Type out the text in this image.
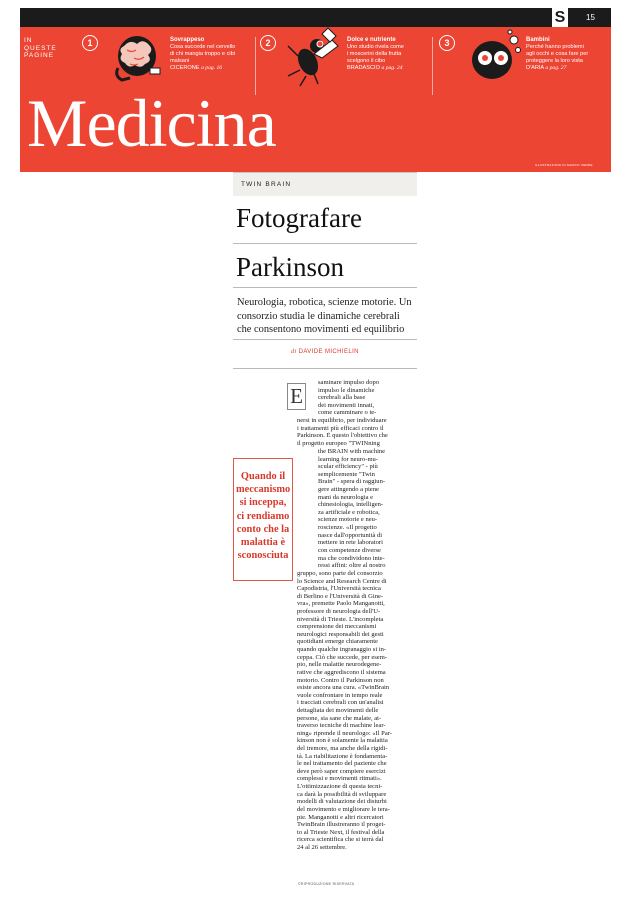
S	15
IN QUESTE PAGINE
1	Sovrappeso
Cosa succede nel cervello
di chi mangia troppo e cibi
malsani
CICERONE a pag. 16
2	Dolce e nutriente
Uno studio rivela come
i moscerini della frutta
scelgono il cibo
BRADASCIO a pag. 24
3	Bambini
Perché hanno problemi
agli occhi e cosa fare per
proteggere la loro vista
D'ARIA a pag. 27
Medicina
ILLUSTRAZIONI DI MARCO VERDE
TWIN BRAIN
Fotografare
Parkinson
Neurologia, robotica, scienze motorie. Un consorzio studia le dinamiche cerebrali che consentono movimenti ed equilibrio
di DAVIDE MICHIELIN
E
Quando il meccanismo si inceppa, ci rendiamo conto che la malattia è sconosciuta
saminare impulso dopo
impulso le dinamiche
cerebrali alla base
dei movimenti innati,
come camminare o te-
nersi in equilibrio, per individuare
i trattamenti più efficaci contro il
Parkinson. È questo l'obiettivo che
il progetto europeo "TWINning
the BRAIN with machine
learning for neuro-mu-
scular efficiency" - più
semplicemente "Twin
Brain" - spera di raggiun-
gere attingendo a piene
mani da neurologia e
chinesiologia, intelligen-
za artificiale e robotica,
scienze motorie e neu-
roscienze. «Il progetto
nasce dall'opportunità di
mettere in rete laboratori
con competenze diverse
ma che condividono inte-
ressi affini: oltre al nostro
gruppo, sono parte del consorzio
lo Science and Research Centre di
Capodistria, l'Università tecnica
di Berlino e l'Università di Gine-
vra», premette Paolo Manganotti,
professore di neurologia dell'U-
niversità di Trieste. L'incompleta
comprensione dei meccanismi
neurologici responsabili dei gesti
quotidiani emerge chiaramente
quando qualche ingranaggio si in-
ceppa. Ciò che succede, per esem-
pio, nelle malattie neurodegene-
rative che aggrediscono il sistema
motorio. Contro il Parkinson non
esiste ancora una cura. «TwinBrain
vuole confrontare in tempo reale
i tracciati cerebrali con un'analisi
dettagliata dei movimenti delle
persone, sia sane che malate, at-
traverso tecniche di machine lear-
ning» riprende il neurologo: «Il Par-
kinson non è solamente la malattia
del tremore, ma anche della rigidi-
tà. La riabilitazione è fondamenta-
le nel trattamento del paziente che
deve però saper compiere esercizi
complessi e movimenti ritmati».
L'ottimizzazione di questa tecni-
ca darà la possibilità di sviluppare
modelli di valutazione dei disturbi
del movimento e migliorare le tera-
pie. Manganotti e altri ricercatori
TwinBrain illustreranno il proget-
to al Trieste Next, il festival della
ricerca scientifica che si terrà dal
24 al 26 settembre.
©RIPRODUZIONE RISERVATA
